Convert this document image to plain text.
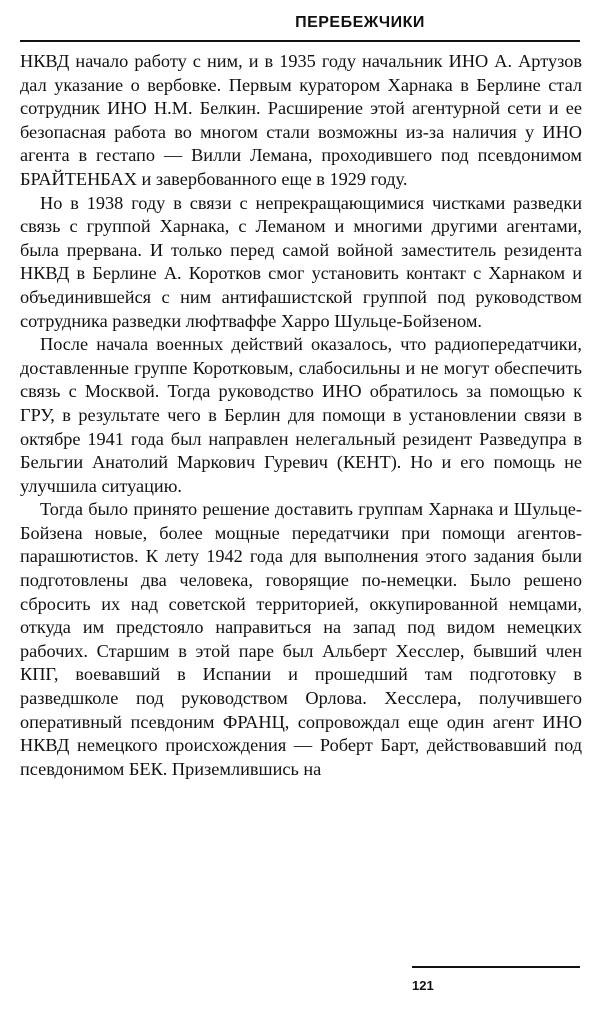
ПЕРЕБЕЖЧИКИ

НКВД начало работу с ним, и в 1935 году начальник ИНО А. Артузов дал указание о вербовке. Первым куратором Харнака в Берлине стал сотрудник ИНО Н.М. Белкин. Расширение этой агентурной сети и ее безопасная работа во многом стали возможны из-за наличия у ИНО агента в гестапо — Вилли Лемана, проходившего под псевдонимом БРАЙТЕНБАХ и завербованного еще в 1929 году.

Но в 1938 году в связи с непрекращающимися чистками разведки связь с группой Харнака, с Леманом и многими другими агентами, была прервана. И только перед самой войной заместитель резидента НКВД в Берлине А. Коротков смог установить контакт с Харнаком и объединившейся с ним антифашистской группой под руководством сотрудника разведки люфтваффе Харро Шульце-Бойзеном.

После начала военных действий оказалось, что радиопередатчики, доставленные группе Коротковым, слабосильны и не могут обеспечить связь с Москвой. Тогда руководство ИНО обратилось за помощью к ГРУ, в результате чего в Берлин для помощи в установлении связи в октябре 1941 года был направлен нелегальный резидент Разведупра в Бельгии Анатолий Маркович Гуревич (КЕНТ). Но и его помощь не улучшила ситуацию.

Тогда было принято решение доставить группам Харнака и Шульце-Бойзена новые, более мощные передатчики при помощи агентов-парашютистов. К лету 1942 года для выполнения этого задания были подготовлены два человека, говорящие по-немецки. Было решено сбросить их над советской территорией, оккупированной немцами, откуда им предстояло направиться на запад под видом немецких рабочих. Старшим в этой паре был Альберт Хесслер, бывший член КПГ, воевавший в Испании и прошедший там подготовку в разведшколе под руководством Орлова. Хесслера, получившего оперативный псевдоним ФРАНЦ, сопровождал еще один агент ИНО НКВД немецкого происхождения — Роберт Барт, действовавший под псевдонимом БЕК. Приземлившись на

121
